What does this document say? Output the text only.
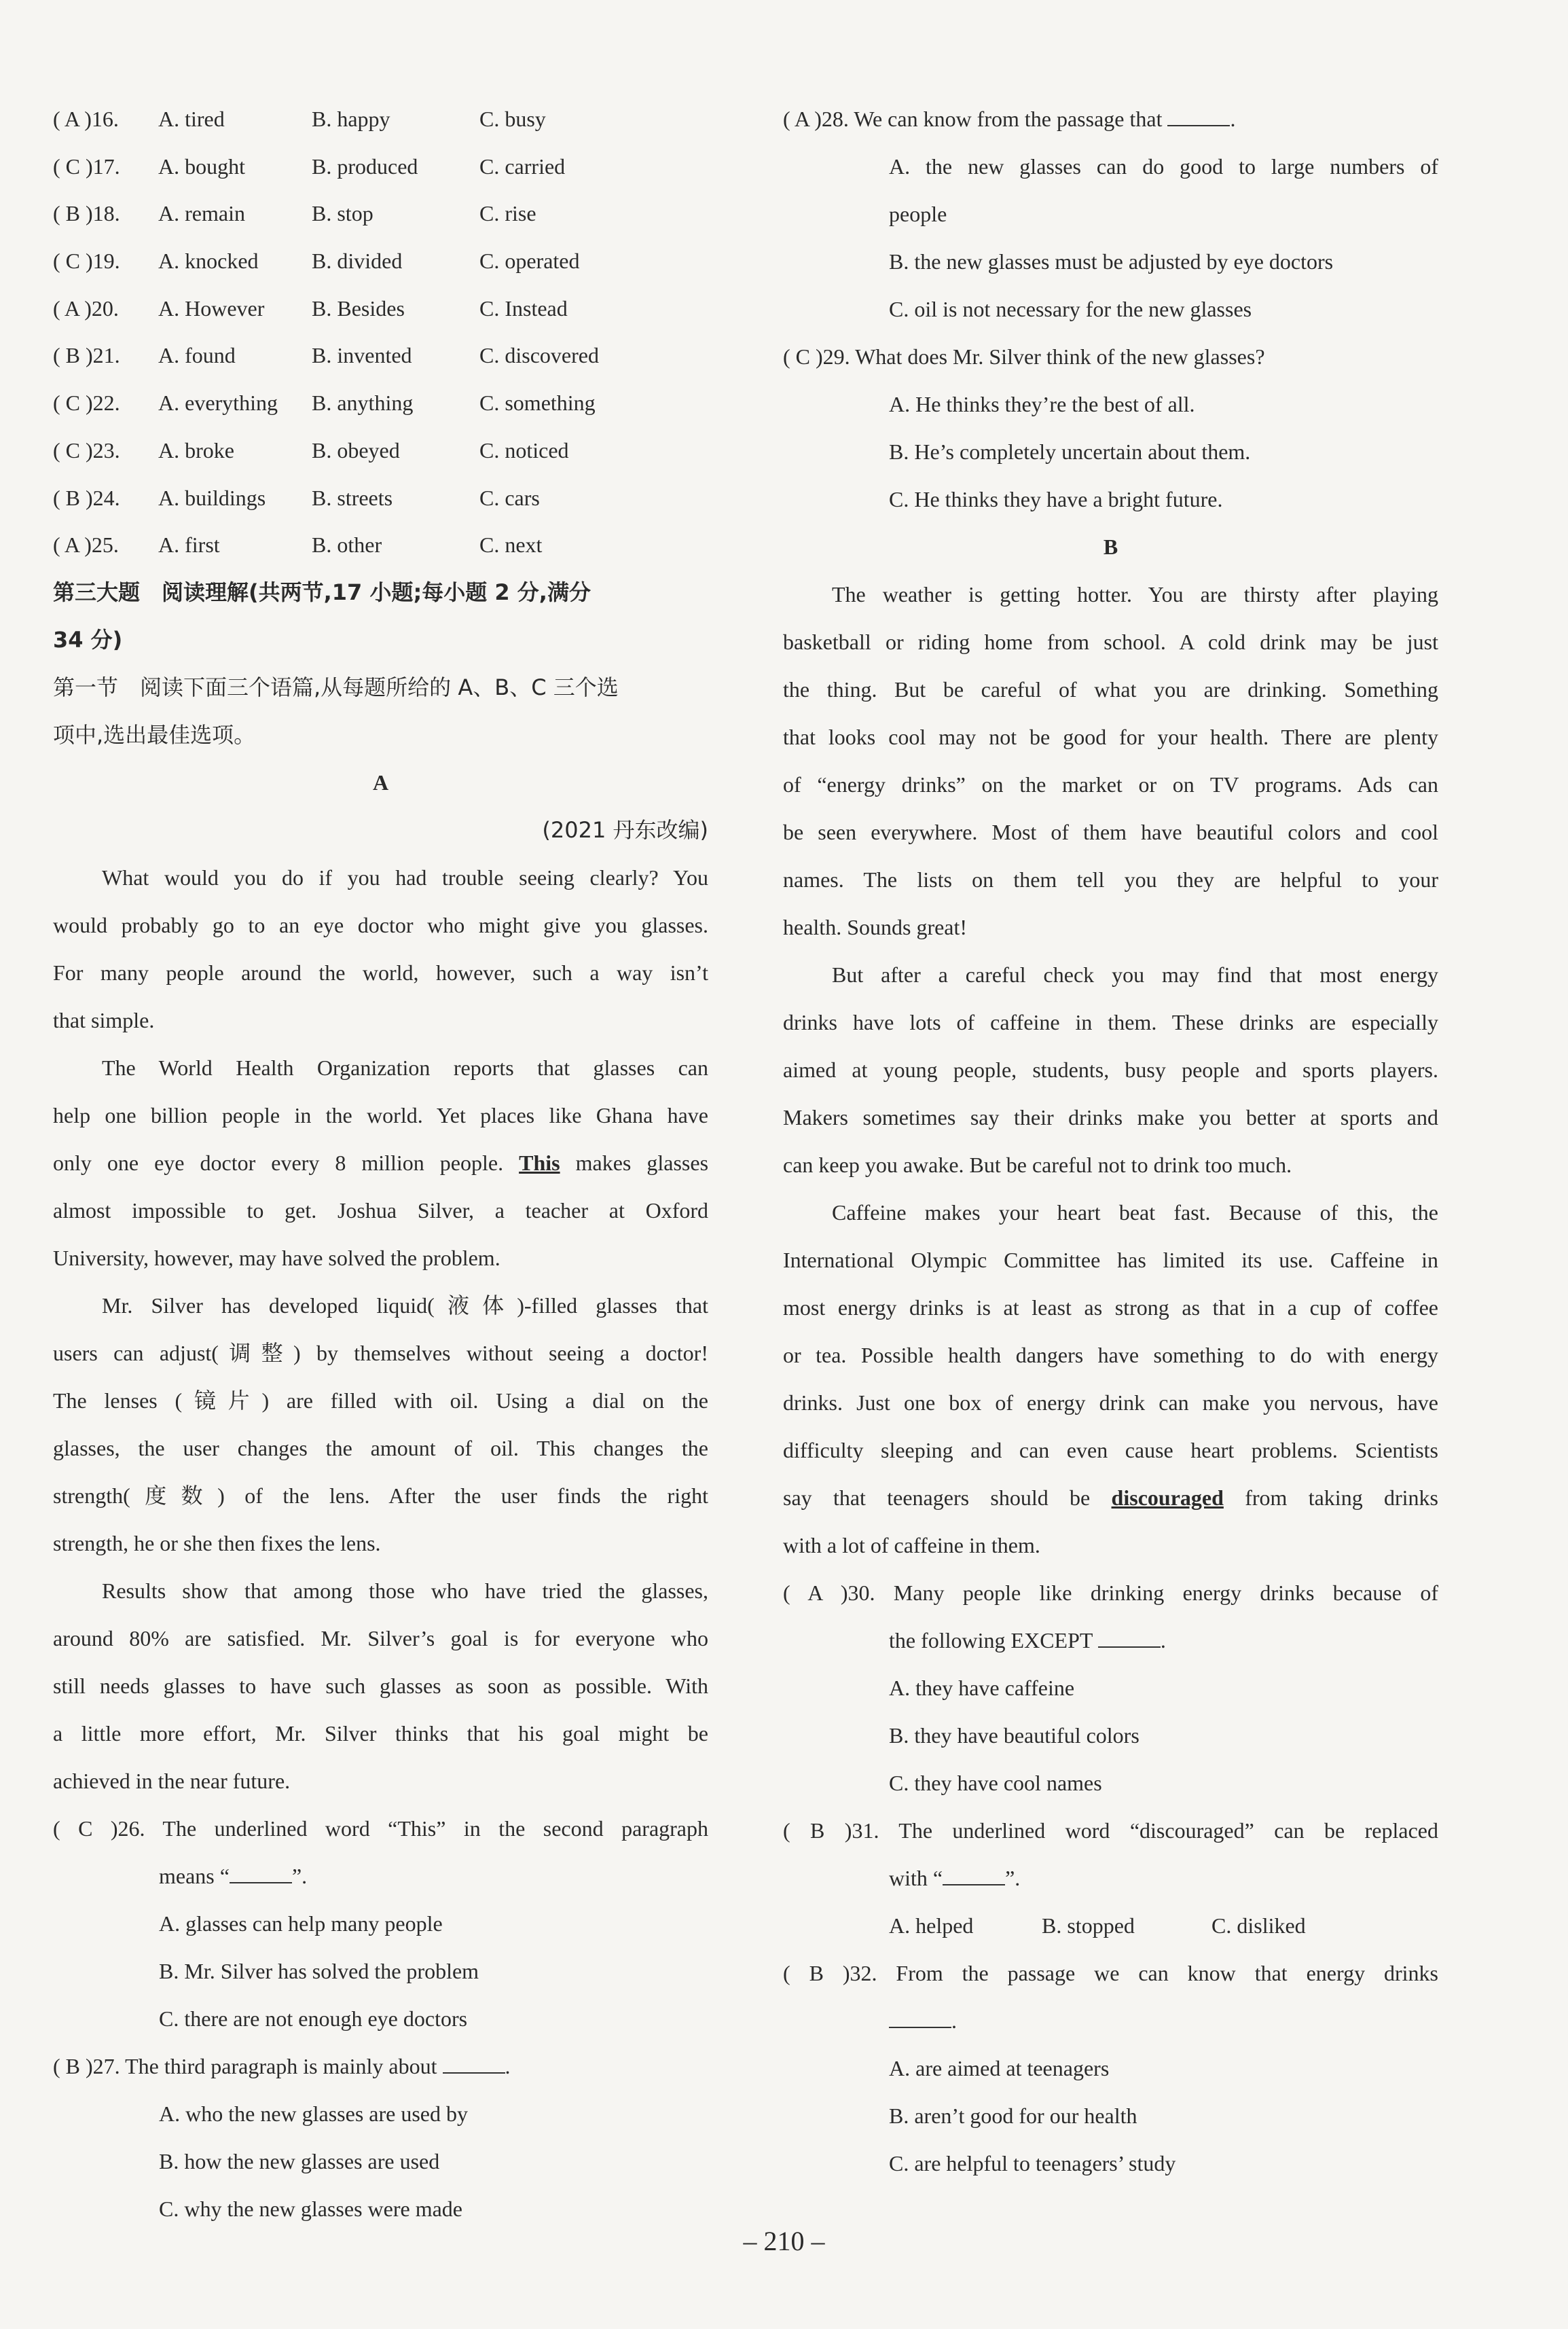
( A )16. A. tired	B. happy	C. busy
( C )17. A. bought	B. produced	C. carried
( B )18. A. remain	B. stop	C. rise
( C )19. A. knocked B. divided	C. operated
( A )20. A. However B. Besides	C. Instead
( B )21. A. found	B. invented	C. discovered
( C )22. A. everything B. anything	C. something
( C )23. A. broke	B. obeyed	C. noticed
( B )24. A. buildings B. streets	C. cars
( A )25. A. first	B. other	C. next
第三大题　阅读理解(共两节,17 小题;每小题 2 分,满分
34 分)
第一节　阅读下面三个语篇,从每题所给的 A、B、C 三个选
项中,选出最佳选项。
A
(2021 丹东改编)
What would you do if you had trouble seeing clearly? You
would probably go to an eye doctor who might give you glasses.
For many people around the world, however, such a way isn’t
that simple.
The World Health Organization reports that glasses can
help one billion people in the world. Yet places like Ghana have
only one eye doctor every 8 million people. This makes glasses
almost impossible to get. Joshua Silver, a teacher at Oxford
University, however, may have solved the problem.
Mr. Silver has developed liquid(液体)-filled glasses that
users can adjust(调整) by themselves without seeing a doctor!
The lenses (镜片) are filled with oil. Using a dial on the
glasses, the user changes the amount of oil. This changes the
strength(度数) of the lens. After the user finds the right
strength, he or she then fixes the lens.
Results show that among those who have tried the glasses,
around 80% are satisfied. Mr. Silver’s goal is for everyone who
still needs glasses to have such glasses as soon as possible. With
a little more effort, Mr. Silver thinks that his goal might be
achieved in the near future.
( C )26. The underlined word “This” in the second paragraph
means “	”.
A. glasses can help many people
B. Mr. Silver has solved the problem
C. there are not enough eye doctors
( B )27. The third paragraph is mainly about	.
A. who the new glasses are used by
B. how the new glasses are used
C. why the new glasses were made
( A )28. We can know from the passage that	.
A. the new glasses can do good to large numbers of
people
B. the new glasses must be adjusted by eye doctors
C. oil is not necessary for the new glasses
( C )29. What does Mr. Silver think of the new glasses?
A. He thinks they’re the best of all.
B. He’s completely uncertain about them.
C. He thinks they have a bright future.
B
The weather is getting hotter. You are thirsty after playing
basketball or riding home from school. A cold drink may be just
the thing. But be careful of what you are drinking. Something
that looks cool may not be good for your health. There are plenty
of “energy drinks” on the market or on TV programs. Ads can
be seen everywhere. Most of them have beautiful colors and cool
names. The lists on them tell you they are helpful to your
health. Sounds great!
But after a careful check you may find that most energy
drinks have lots of caffeine in them. These drinks are especially
aimed at young people, students, busy people and sports players.
Makers sometimes say their drinks make you better at sports and
can keep you awake. But be careful not to drink too much.
Caffeine makes your heart beat fast. Because of this, the
International Olympic Committee has limited its use. Caffeine in
most energy drinks is at least as strong as that in a cup of coffee
or tea. Possible health dangers have something to do with energy
drinks. Just one box of energy drink can make you nervous, have
difficulty sleeping and can even cause heart problems. Scientists
say that teenagers should be discouraged from taking drinks
with a lot of caffeine in them.
( A )30. Many people like drinking energy drinks because of
the following EXCEPT	.
A. they have caffeine
B. they have beautiful colors
C. they have cool names
( B )31. The underlined word “discouraged” can be replaced
with “	”.
A. helped	B. stopped	C. disliked
( B )32. From the passage we can know that energy drinks
.
A. are aimed at teenagers
B. aren’t good for our health
C. are helpful to teenagers’ study
– 210 –
